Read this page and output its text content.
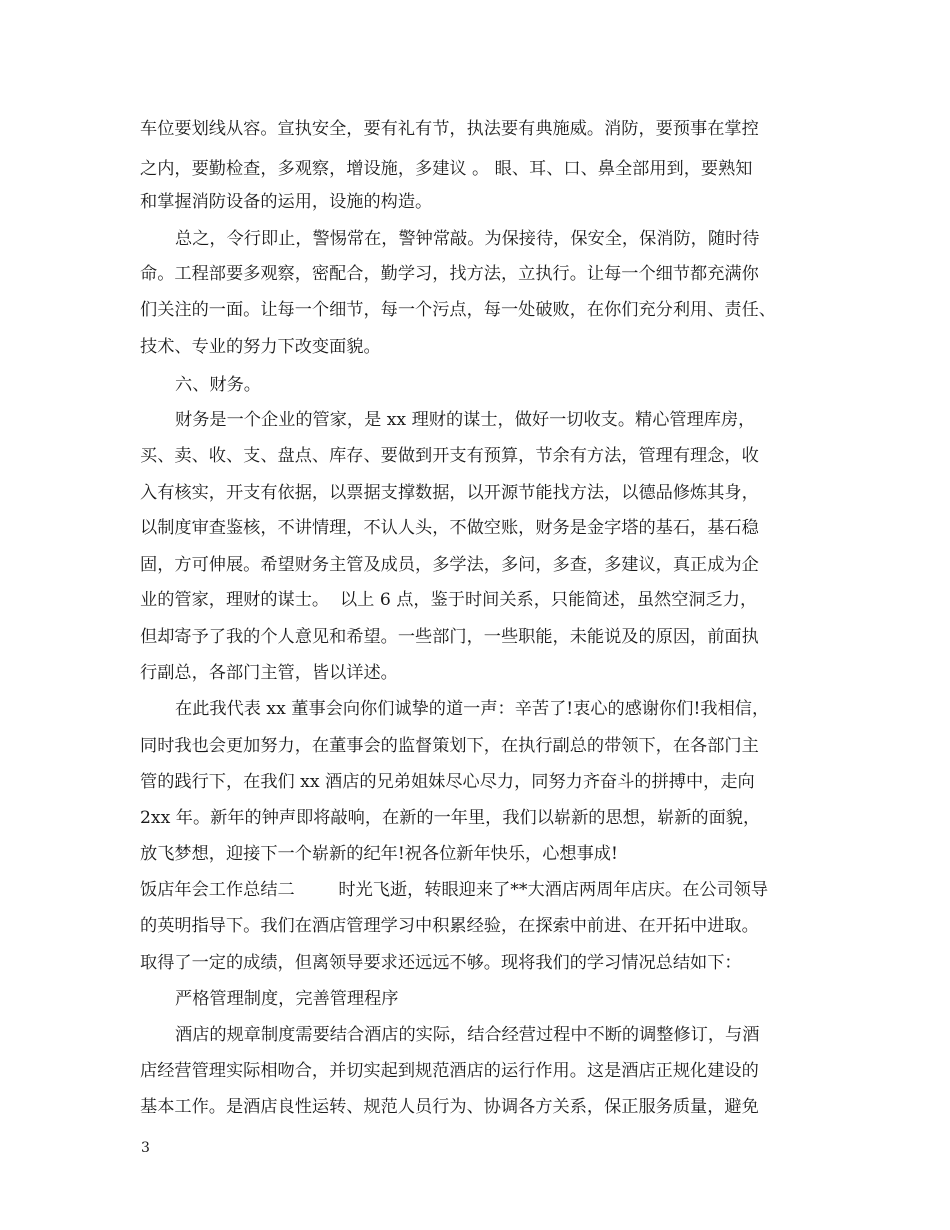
车位要划线从容。宣执安全，要有礼有节，执法要有典施威。消防，要预事在掌控
之内，要勤检查，多观察，增设施，多建议 。 眼、耳、口、鼻全部用到，要熟知
和掌握消防设备的运用，设施的构造。
总之，令行即止，警惕常在，警钟常敲。为保接待，保安全，保消防，随时待
命。工程部要多观察，密配合，勤学习，找方法，立执行。让每一个细节都充满你
们关注的一面。让每一个细节，每一个污点，每一处破败，在你们充分利用、责任、
技术、专业的努力下改变面貌。
六、财务。
财务是一个企业的管家，是 xx 理财的谋士，做好一切收支。精心管理库房，
买、卖、收、支、盘点、库存、要做到开支有预算，节余有方法，管理有理念，收
入有核实，开支有依据，以票据支撑数据，以开源节能找方法，以德品修炼其身，
以制度审查鉴核，不讲情理，不认人头，不做空账，财务是金字塔的基石，基石稳
固，方可伸展。希望财务主管及成员，多学法，多问，多查，多建议，真正成为企
业的管家，理财的谋士。  以上 6 点，鉴于时间关系，只能简述，虽然空洞乏力，
但却寄予了我的个人意见和希望。一些部门，一些职能，未能说及的原因，前面执
行副总，各部门主管，皆以详述。
在此我代表 xx 董事会向你们诚挚的道一声：辛苦了!衷心的感谢你们!我相信，
同时我也会更加努力，在董事会的监督策划下，在执行副总的带领下，在各部门主
管的践行下，在我们 xx 酒店的兄弟姐妹尽心尽力，同努力齐奋斗的拼搏中，走向
2xx 年。新年的钟声即将敲响，在新的一年里，我们以崭新的思想，崭新的面貌，
放飞梦想，迎接下一个崭新的纪年!祝各位新年快乐，心想事成!
饭店年会工作总结二        时光飞逝，转眼迎来了**大酒店两周年店庆。在公司领导
的英明指导下。我们在酒店管理学习中积累经验，在探索中前进、在开拓中进取。
取得了一定的成绩，但离领导要求还远远不够。现将我们的学习情况总结如下：
严格管理制度，完善管理程序
酒店的规章制度需要结合酒店的实际，结合经营过程中不断的调整修订，与酒
店经营管理实际相吻合，并切实起到规范酒店的运行作用。这是酒店正规化建设的
基本工作。是酒店良性运转、规范人员行为、协调各方关系，保正服务质量，避免
3
